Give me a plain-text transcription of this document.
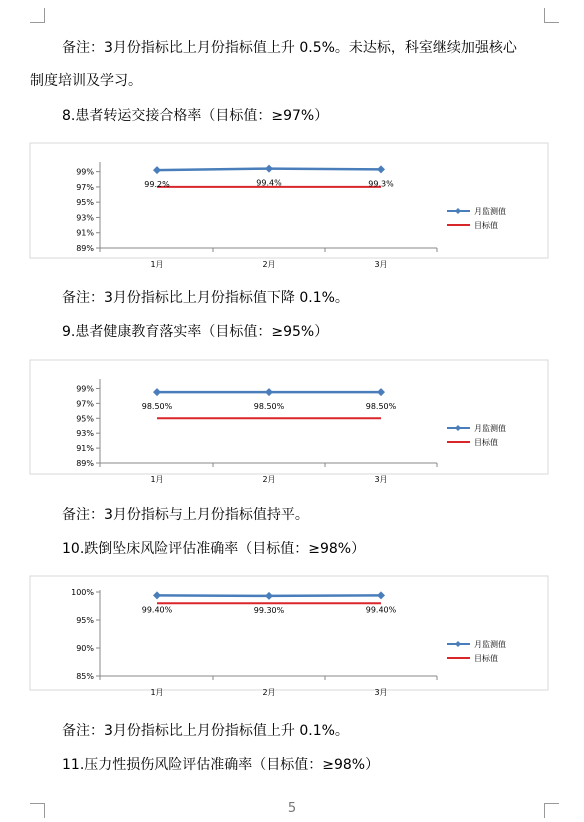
备注：3月份指标比上月份指标值上升 0.5%。未达标，科室继续加强核心
制度培训及学习。
8.患者转运交接合格率（目标值：≥97%）
89%
91%
93%
95%
97%
99%
1月	2月	3月
99.2%	99.4%	99.3%
月监测值
目标值
备注：3月份指标比上月份指标值下降 0.1%。
9.患者健康教育落实率（目标值：≥95%）
89%
91%
93%
95%
97%
99%
1月	2月	3月
98.50%	98.50%	98.50%
月监测值
目标值
备注：3月份指标与上月份指标值持平。
10.跌倒坠床风险评估准确率（目标值：≥98%）
85%
90%
95%
100%
1月	2月	3月
99.40%	99.30%	99.40%
月监测值
目标值
备注：3月份指标比上月份指标值上升 0.1%。
11.压力性损伤风险评估准确率（目标值：≥98%）
5
